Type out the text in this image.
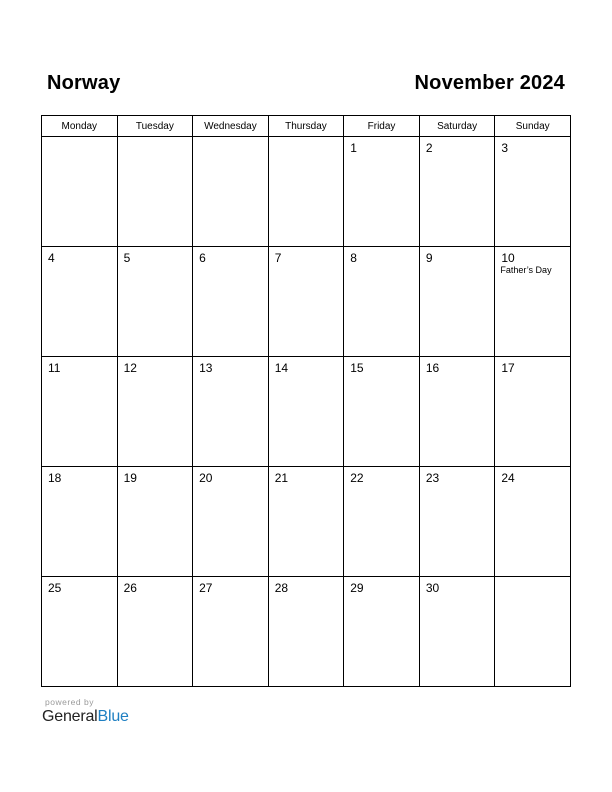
Norway	November 2024
Monday	Tuesday	Wednesday	Thursday	Friday	Saturday	Sunday

				1	2	3

4	5	6	7	8	9	10
Father’s Day

11	12	13	14	15	16	17

18	19	20	21	22	23	24

25	26	27	28	29	30	

powered by
GeneralBlue
